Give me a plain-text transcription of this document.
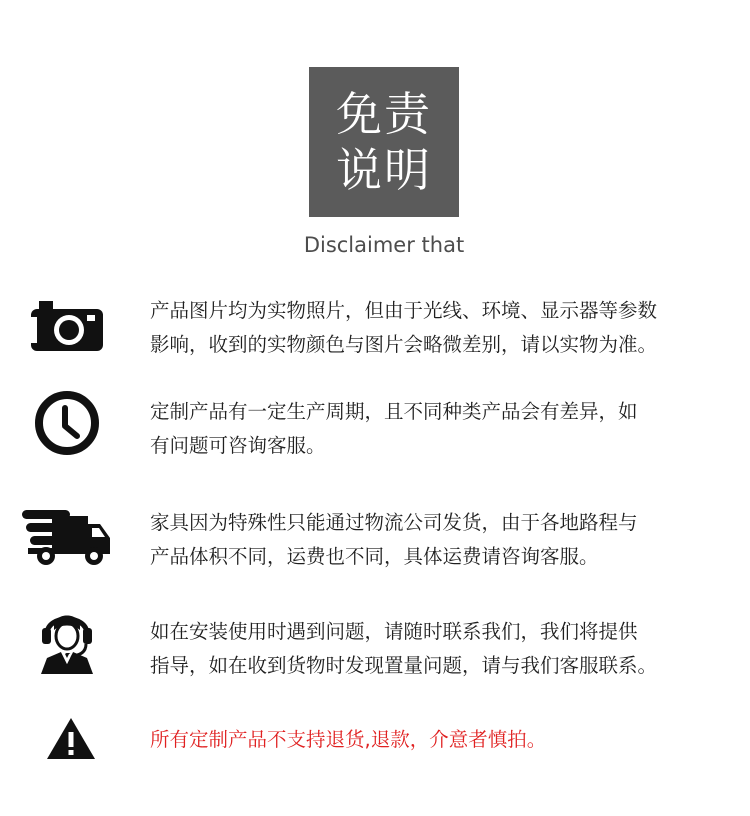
免责
说明
Disclaimer that
产品图片均为实物照片，但由于光线、环境、显示器等参数
影响，收到的实物颜色与图片会略微差别，请以实物为准。
定制产品有一定生产周期，且不同种类产品会有差异，如
有问题可咨询客服。
家具因为特殊性只能通过物流公司发货，由于各地路程与
产品体积不同，运费也不同，具体运费请咨询客服。
如在安装使用时遇到问题，请随时联系我们，我们将提供
指导，如在收到货物时发现置量问题，请与我们客服联系。
所有定制产品不支持退货,退款，介意者慎拍。
